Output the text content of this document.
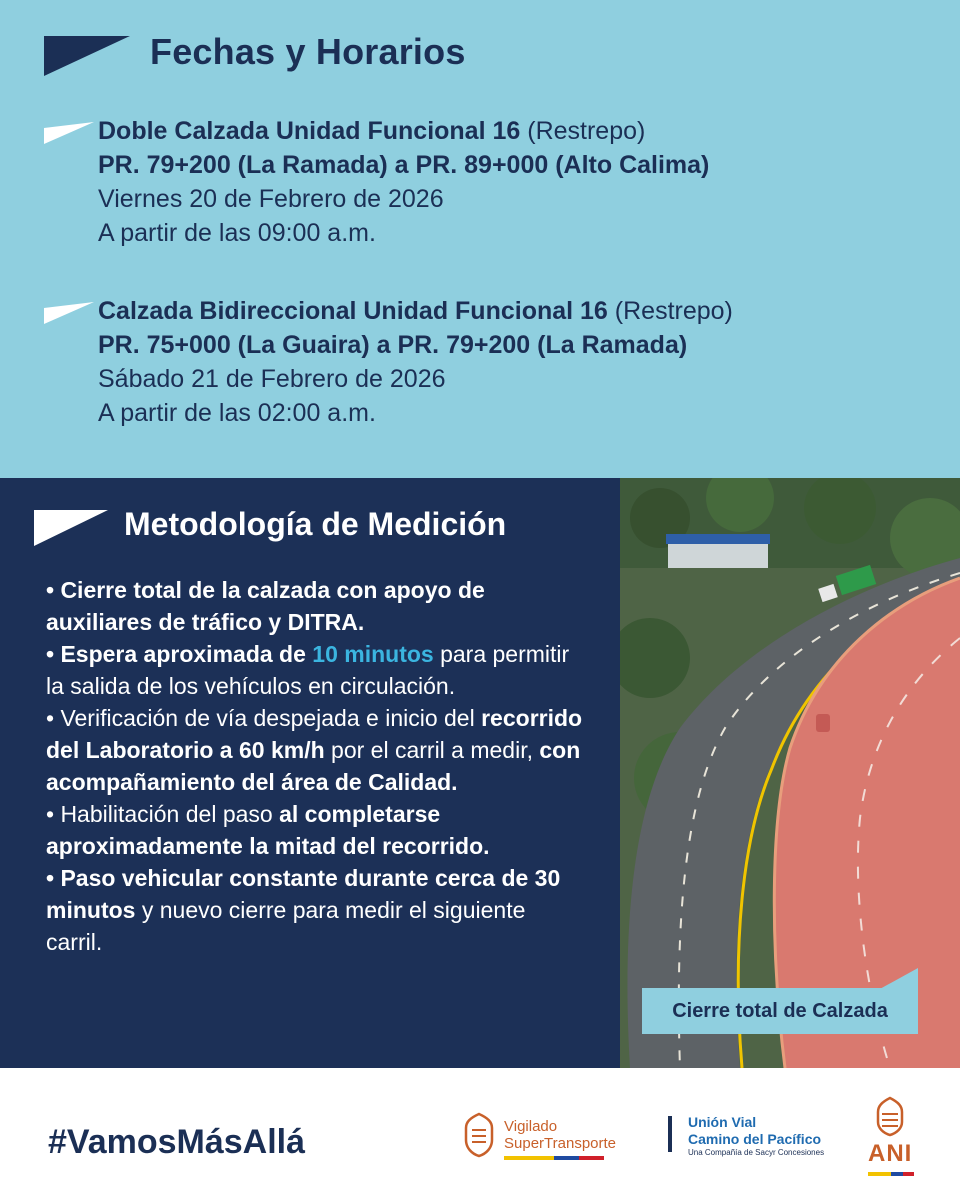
Fechas y Horarios
Doble Calzada Unidad Funcional 16 (Restrepo)
PR. 79+200 (La Ramada) a PR. 89+000 (Alto Calima)
Viernes 20 de Febrero de 2026
A partir de las 09:00 a.m.
Calzada Bidireccional Unidad Funcional 16 (Restrepo)
PR. 75+000 (La Guaira) a PR. 79+200 (La Ramada)
Sábado 21 de Febrero de 2026
A partir de las 02:00 a.m.
Metodología de Medición

• Cierre total de la calzada con apoyo de auxiliares de tráfico y DITRA.

• Espera aproximada de 10 minutos para permitir la salida de los vehículos en circulación.

• Verificación de vía despejada e inicio del recorrido del Laboratorio a 60 km/h por el carril a medir, con acompañamiento del área de Calidad.

• Habilitación del paso al completarse aproximadamente la mitad del recorrido.

• Paso vehicular constante durante cerca de 30 minutos y nuevo cierre para medir el siguiente carril.

Cierre total de Calzada
#VamosMásAllá	Vigilado
SuperTransporte
Unión Vial
Camino del Pacífico
Una Compañía de Sacyr Concesiones ANI
